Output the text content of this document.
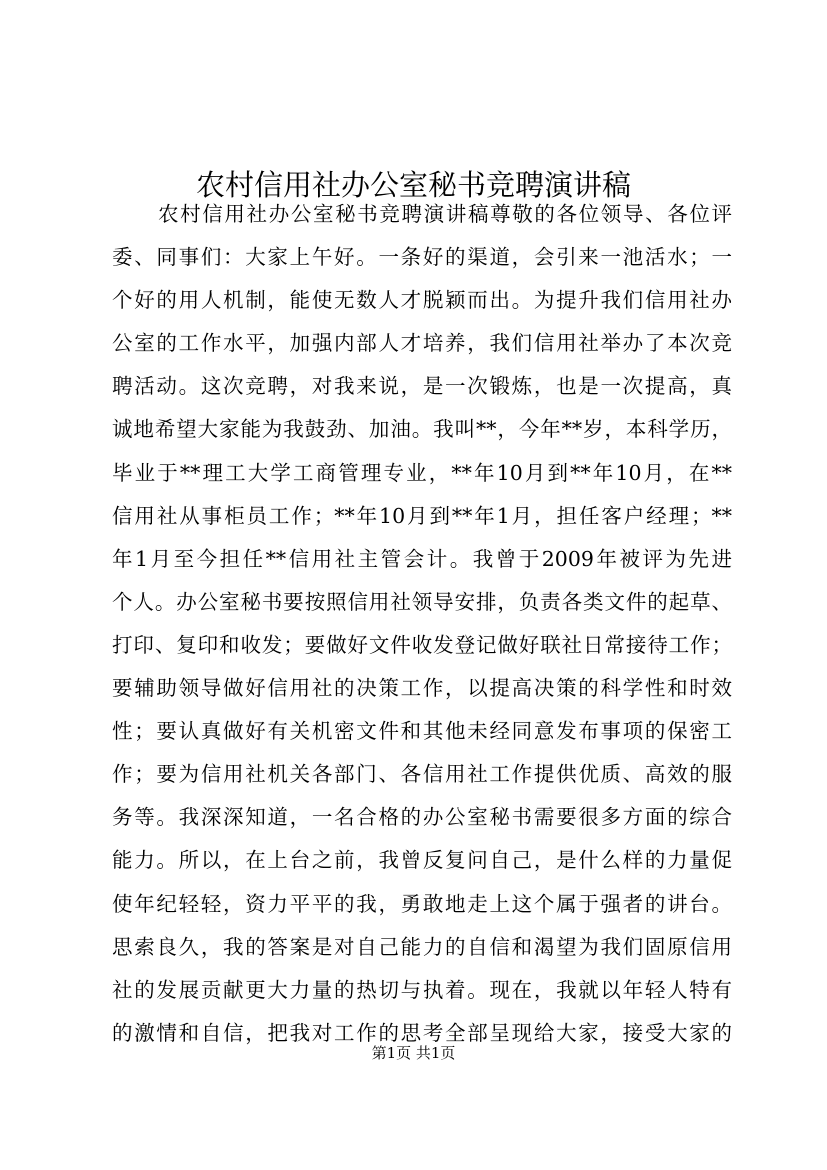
农村信用社办公室秘书竞聘演讲稿
农村信用社办公室秘书竞聘演讲稿尊敬的各位领导、各位评
委、同事们：大家上午好。一条好的渠道，会引来一池活水；一
个好的用人机制，能使无数人才脱颖而出。为提升我们信用社办
公室的工作水平，加强内部人才培养，我们信用社举办了本次竞
聘活动。这次竞聘，对我来说，是一次锻炼，也是一次提高，真
诚地希望大家能为我鼓劲、加油。我叫**，今年**岁，本科学历，
毕业于**理工大学工商管理专业，**年10月到**年10月，在**
信用社从事柜员工作；**年10月到**年1月，担任客户经理；**
年1月至今担任**信用社主管会计。我曾于2009年被评为先进
个人。办公室秘书要按照信用社领导安排，负责各类文件的起草、
打印、复印和收发；要做好文件收发登记做好联社日常接待工作；
要辅助领导做好信用社的决策工作，以提高决策的科学性和时效
性；要认真做好有关机密文件和其他未经同意发布事项的保密工
作；要为信用社机关各部门、各信用社工作提供优质、高效的服
务等。我深深知道，一名合格的办公室秘书需要很多方面的综合
能力。所以，在上台之前，我曾反复问自己，是什么样的力量促
使年纪轻轻，资力平平的我，勇敢地走上这个属于强者的讲台。
思索良久，我的答案是对自己能力的自信和渴望为我们固原信用
社的发展贡献更大力量的热切与执着。现在，我就以年轻人特有
的激情和自信，把我对工作的思考全部呈现给大家，接受大家的
第1页 共1页
